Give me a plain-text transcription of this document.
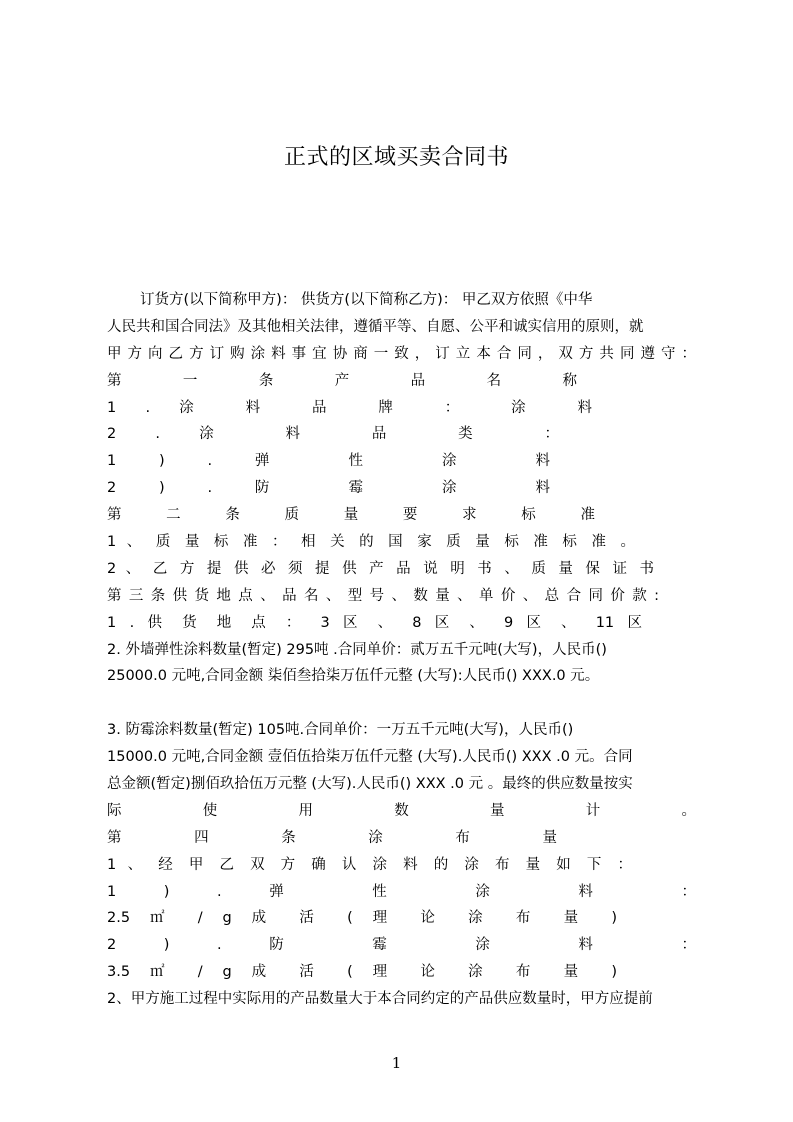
正式的区域买卖合同书
订货方(以下简称甲方)： 供货方(以下简称乙方)： 甲乙双方依照《中华
人民共和国合同法》及其他相关法律，遵循平等、自愿、公平和诚实信用的原则，就
甲方向乙方订购涂料事宜协商一致，订立本合同，双方共同遵守：
第 一 条 产 品 名 称
1 . 涂 料 品 牌 ： 涂 料
2 . 涂 料 品 类 ：
1 ) . 弹 性 涂 料
2 ) . 防 霉 涂 料
第 二 条 质 量 要 求 标 准
1 、 质 量 标 准 ： 相 关 的 国 家 质 量 标 准 标 准 。
2 、 乙 方 提 供 必 须 提 供 产 品 说 明 书 、 质 量 保 证 书
第 三 条 供 货 地 点 、 品 名 、 型 号 、 数 量 、 单 价 、 总 合 同 价 款 :
1 . 供 货 地 点 ： 3 区 、 8 区 、 9 区 、 11 区
2. 外墙弹性涂料数量(暂定) 295吨 .合同单价：贰万五千元吨(大写)，人民币()
25000.0 元吨,合同金额 柒佰叁拾柒万伍仟元整 (大写):人民币() XXX.0 元。
3. 防霉涂料数量(暂定) 105吨.合同单价：一万五千元吨(大写)，人民币()
15000.0 元吨,合同金额 壹佰伍拾柒万伍仟元整 (大写).人民币() XXX .0 元。合同
总金额(暂定)捌佰玖拾伍万元整 (大写).人民币() XXX .0 元 。最终的供应数量按实
际 使 用 数 量 计 。
第 四 条 涂 布 量
1 、 经 甲 乙 双 方 确 认 涂 料 的 涂 布 量 如 下 ：
1 ) . 弹 性 涂 料 ：
2.5 ㎡ / g 成 活 ( 理 论 涂 布 量 )
2 ) . 防 霉 涂 料 ：
3.5 ㎡ / g 成 活 ( 理 论 涂 布 量 )
2、甲方施工过程中实际用的产品数量大于本合同约定的产品供应数量时，甲方应提前
1
